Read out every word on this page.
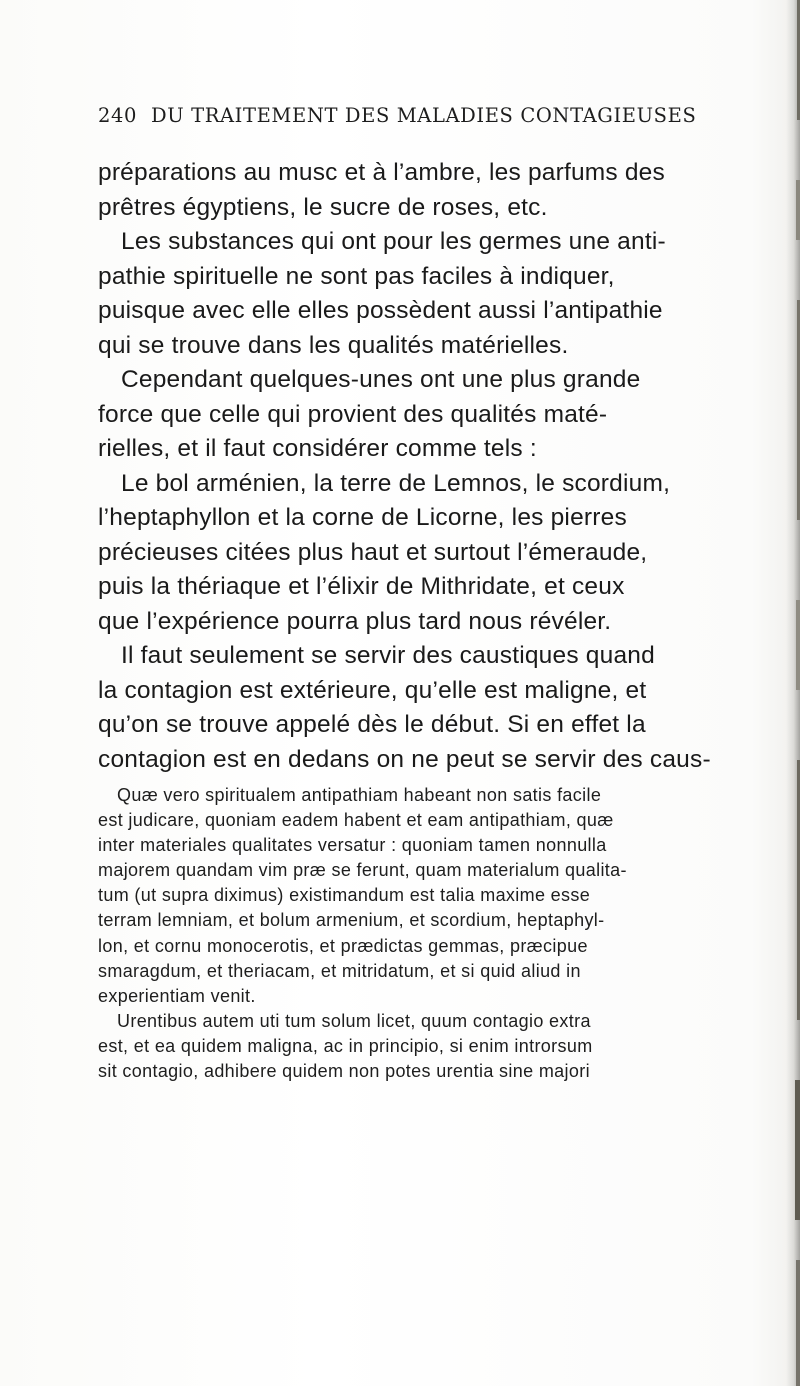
240 DU TRAITEMENT DES MALADIES CONTAGIEUSES
préparations au musc et à l’ambre, les parfums des
prêtres égyptiens, le sucre de roses, etc.
Les substances qui ont pour les germes une anti-
pathie spirituelle ne sont pas faciles à indiquer,
puisque avec elle elles possèdent aussi l’antipathie
qui se trouve dans les qualités matérielles.
Cependant quelques-unes ont une plus grande
force que celle qui provient des qualités maté-
rielles, et il faut considérer comme tels :
Le bol arménien, la terre de Lemnos, le scordium,
l’heptaphyllon et la corne de Licorne, les pierres
précieuses citées plus haut et surtout l’émeraude,
puis la thériaque et l’élixir de Mithridate, et ceux
que l’expérience pourra plus tard nous révéler.
Il faut seulement se servir des caustiques quand
la contagion est extérieure, qu’elle est maligne, et
qu’on se trouve appelé dès le début. Si en effet la
contagion est en dedans on ne peut se servir des caus-
Quæ vero spiritualem antipathiam habeant non satis facile
est judicare, quoniam eadem habent et eam antipathiam, quæ
inter materiales qualitates versatur : quoniam tamen nonnulla
majorem quandam vim præ se ferunt, quam materialum qualita-
tum (ut supra diximus) existimandum est talia maxime esse
terram lemniam, et bolum armenium, et scordium, heptaphyl-
lon, et cornu monocerotis, et prædictas gemmas, præcipue
smaragdum, et theriacam, et mitridatum, et si quid aliud in
experientiam venit.
Urentibus autem uti tum solum licet, quum contagio extra
est, et ea quidem maligna, ac in principio, si enim introrsum
sit contagio, adhibere quidem non potes urentia sine majori
